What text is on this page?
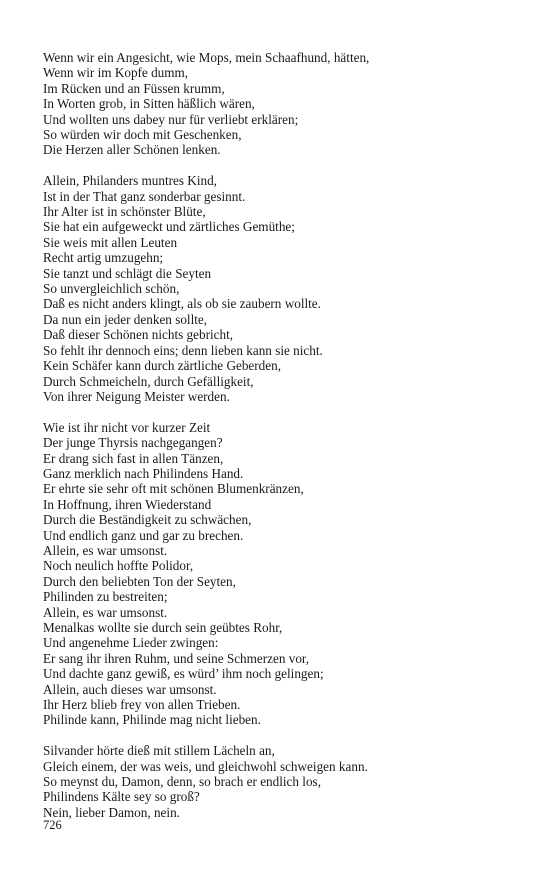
Wenn wir ein Angesicht, wie Mops, mein Schaafhund, hätten,
Wenn wir im Kopfe dumm,
Im Rücken und an Füssen krumm,
In Worten grob, in Sitten häßlich wären,
Und wollten uns dabey nur für verliebt erklären;
So würden wir doch mit Geschenken,
Die Herzen aller Schönen lenken.
Allein, Philanders muntres Kind,
Ist in der That ganz sonderbar gesinnt.
Ihr Alter ist in schönster Blüte,
Sie hat ein aufgeweckt und zärtliches Gemüthe;
Sie weis mit allen Leuten
Recht artig umzugehn;
Sie tanzt und schlägt die Seyten
So unvergleichlich schön,
Daß es nicht anders klingt, als ob sie zaubern wollte.
Da nun ein jeder denken sollte,
Daß dieser Schönen nichts gebricht,
So fehlt ihr dennoch eins; denn lieben kann sie nicht.
Kein Schäfer kann durch zärtliche Geberden,
Durch Schmeicheln, durch Gefälligkeit,
Von ihrer Neigung Meister werden.
Wie ist ihr nicht vor kurzer Zeit
Der junge Thyrsis nachgegangen?
Er drang sich fast in allen Tänzen,
Ganz merklich nach Philindens Hand.
Er ehrte sie sehr oft mit schönen Blumenkränzen,
In Hoffnung, ihren Wiederstand
Durch die Beständigkeit zu schwächen,
Und endlich ganz und gar zu brechen.
Allein, es war umsonst.
Noch neulich hoffte Polidor,
Durch den beliebten Ton der Seyten,
Philinden zu bestreiten;
Allein, es war umsonst.
Menalkas wollte sie durch sein geübtes Rohr,
Und angenehme Lieder zwingen:
Er sang ihr ihren Ruhm, und seine Schmerzen vor,
Und dachte ganz gewiß, es würd’ ihm noch gelingen;
Allein, auch dieses war umsonst.
Ihr Herz blieb frey von allen Trieben.
Philinde kann, Philinde mag nicht lieben.
Silvander hörte dieß mit stillem Lächeln an,
Gleich einem, der was weis, und gleichwohl schweigen kann.
So meynst du, Damon, denn, so brach er endlich los,
Philindens Kälte sey so groß?
Nein, lieber Damon, nein.
726
